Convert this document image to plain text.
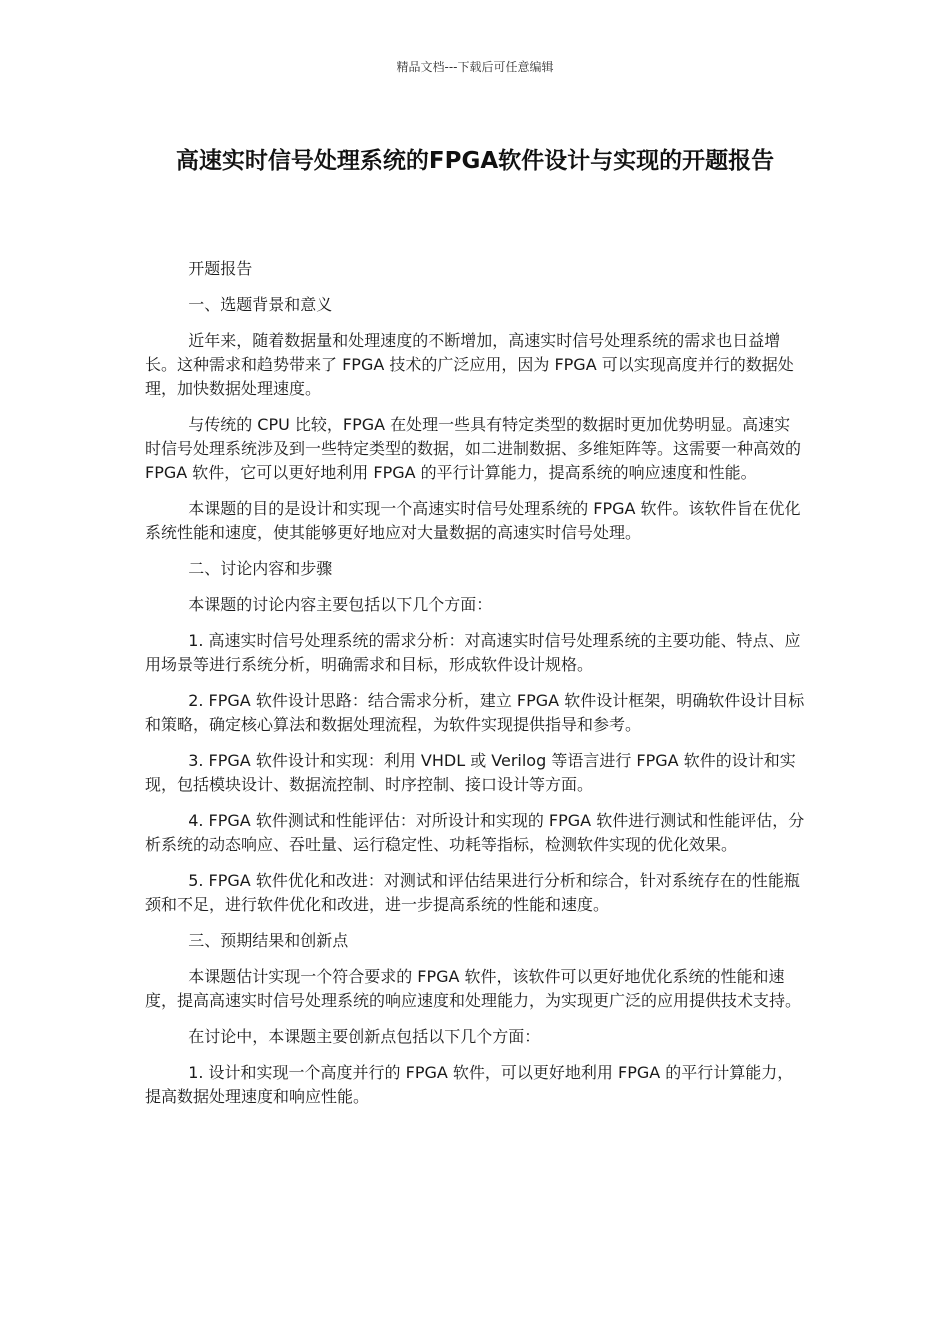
精品文档---下载后可任意编辑
高速实时信号处理系统的FPGA软件设计与实现的开题报告

开题报告

一、选题背景和意义

近年来，随着数据量和处理速度的不断增加，高速实时信号处理系统的需求也日益增长。这种需求和趋势带来了 FPGA 技术的广泛应用，因为 FPGA 可以实现高度并行的数据处理，加快数据处理速度。

与传统的 CPU 比较，FPGA 在处理一些具有特定类型的数据时更加优势明显。高速实时信号处理系统涉及到一些特定类型的数据，如二进制数据、多维矩阵等。这需要一种高效的 FPGA 软件，它可以更好地利用 FPGA 的平行计算能力，提高系统的响应速度和性能。

本课题的目的是设计和实现一个高速实时信号处理系统的 FPGA 软件。该软件旨在优化系统性能和速度，使其能够更好地应对大量数据的高速实时信号处理。

二、讨论内容和步骤

本课题的讨论内容主要包括以下几个方面：

1. 高速实时信号处理系统的需求分析：对高速实时信号处理系统的主要功能、特点、应用场景等进行系统分析，明确需求和目标，形成软件设计规格。

2. FPGA 软件设计思路：结合需求分析，建立 FPGA 软件设计框架，明确软件设计目标和策略，确定核心算法和数据处理流程，为软件实现提供指导和参考。

3. FPGA 软件设计和实现：利用 VHDL 或 Verilog 等语言进行 FPGA 软件的设计和实现，包括模块设计、数据流控制、时序控制、接口设计等方面。

4. FPGA 软件测试和性能评估：对所设计和实现的 FPGA 软件进行测试和性能评估，分析系统的动态响应、吞吐量、运行稳定性、功耗等指标，检测软件实现的优化效果。

5. FPGA 软件优化和改进：对测试和评估结果进行分析和综合，针对系统存在的性能瓶颈和不足，进行软件优化和改进，进一步提高系统的性能和速度。

三、预期结果和创新点

本课题估计实现一个符合要求的 FPGA 软件，该软件可以更好地优化系统的性能和速度，提高高速实时信号处理系统的响应速度和处理能力，为实现更广泛的应用提供技术支持。

在讨论中，本课题主要创新点包括以下几个方面：

1. 设计和实现一个高度并行的 FPGA 软件，可以更好地利用 FPGA 的平行计算能力，提高数据处理速度和响应性能。
